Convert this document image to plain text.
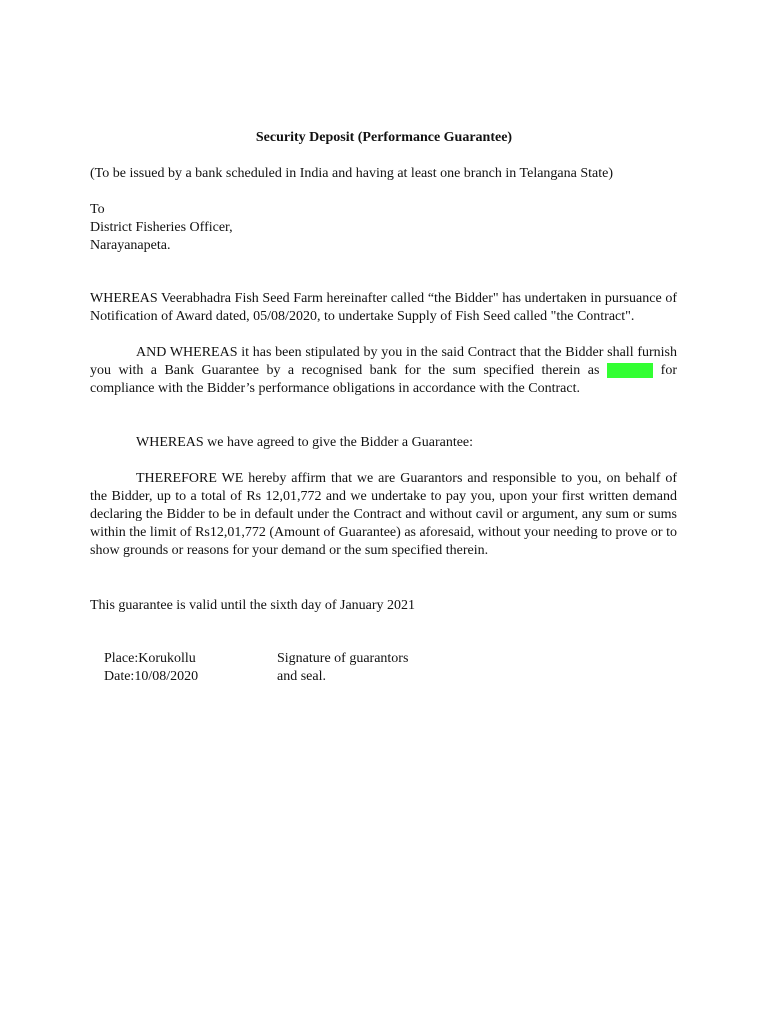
Security Deposit (Performance Guarantee)
(To be issued by a bank scheduled in India and having at least one branch in Telangana State)
To
District Fisheries Officer,
Narayanapeta.
WHEREAS Veerabhadra Fish Seed Farm hereinafter called “the Bidder" has undertaken in pursuance of Notification of Award dated, 05/08/2020, to undertake Supply of Fish Seed called "the Contract".
AND WHEREAS it has been stipulated by you in the said Contract that the Bidder shall furnish you with a Bank Guarantee by a recognised bank for the sum specified therein as security for compliance with the Bidder’s performance obligations in accordance with the Contract.
WHEREAS we have agreed to give the Bidder a Guarantee:
THEREFORE WE hereby affirm that we are Guarantors and responsible to you, on behalf of the Bidder, up to a total of Rs 12,01,772 and we undertake to pay you, upon your first written demand declaring the Bidder to be in default under the Contract and without cavil or argument, any sum or sums within the limit of Rs12,01,772 (Amount of Guarantee) as aforesaid, without your needing to prove or to show grounds or reasons for your demand or the sum specified therein.
This guarantee is valid until the sixth day of January 2021
Place:Korukollu	Signature of guarantors
Date:10/08/2020	and seal.
